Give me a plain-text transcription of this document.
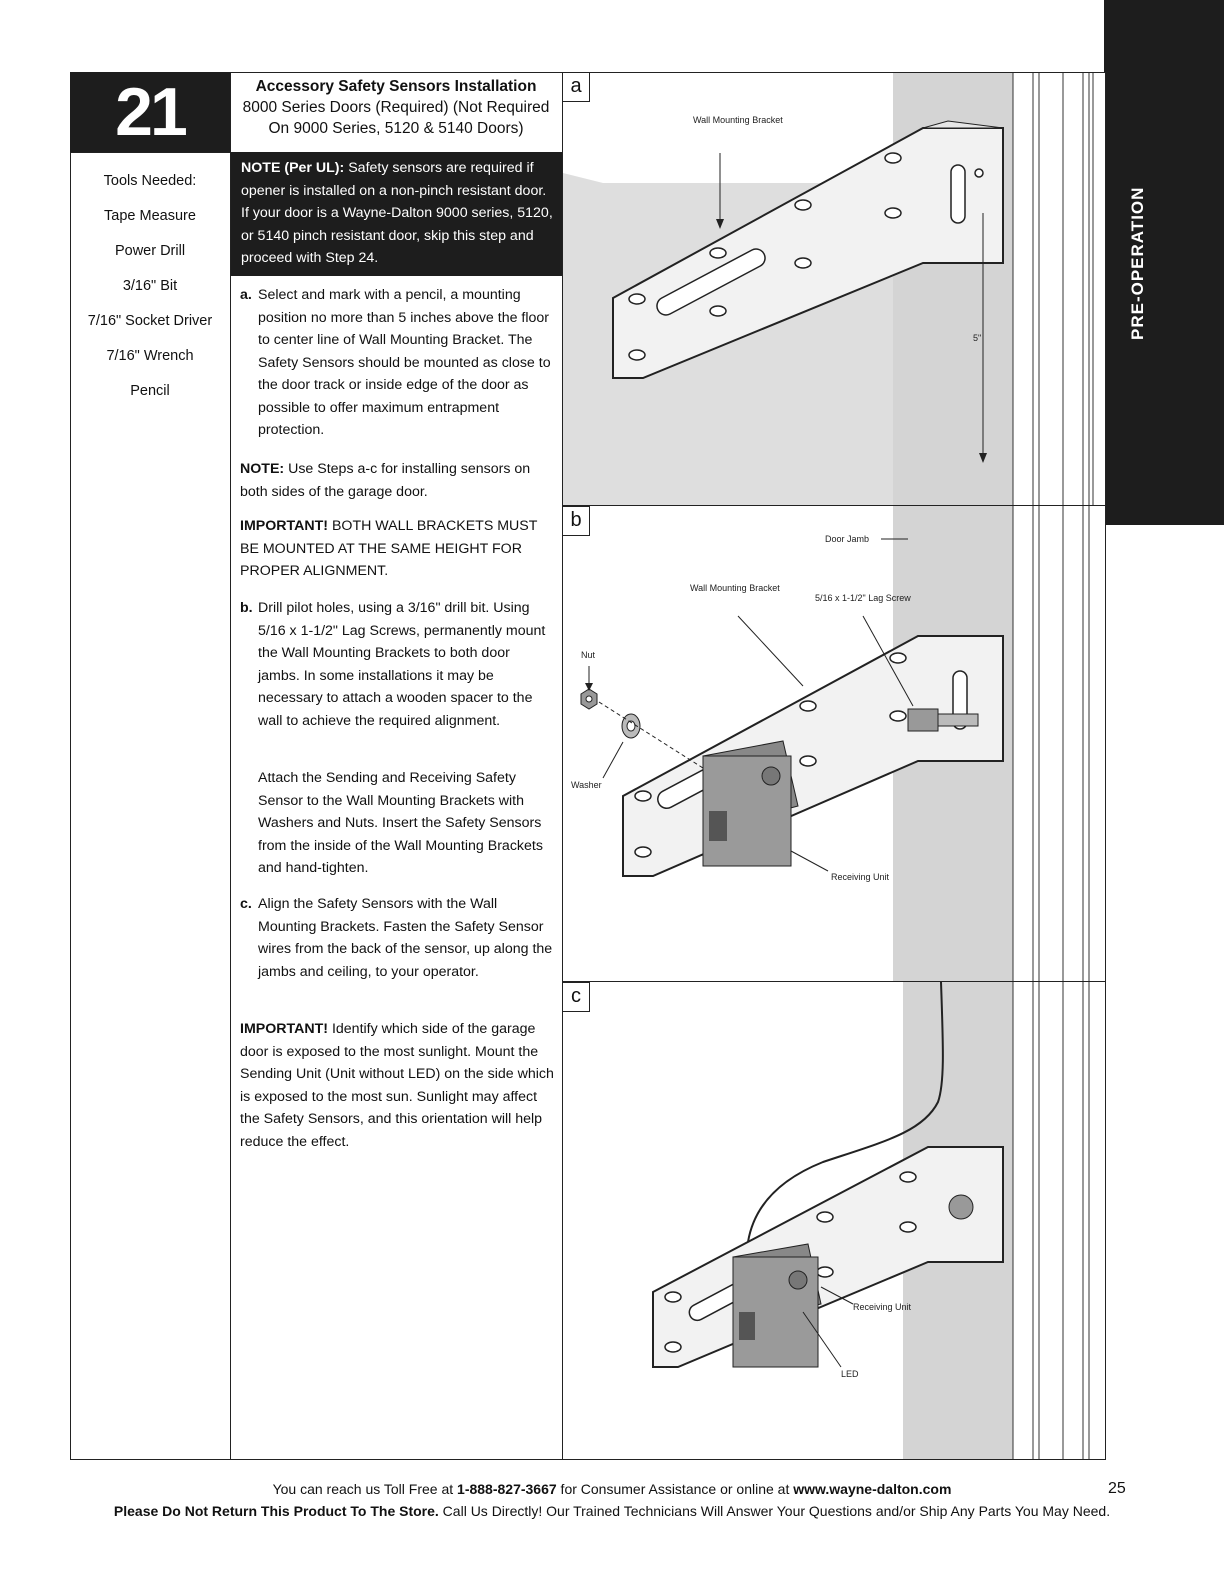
PRE-OPERATION
21
Tools Needed:
Tape Measure
Power Drill
3/16" Bit
7/16" Socket Driver
7/16" Wrench
Pencil
Accessory Safety Sensors Installation
8000 Series Doors (Required) (Not Required
On 9000 Series, 5120 & 5140 Doors)
NOTE (Per UL): Safety sensors are required if opener is installed on a non-pinch resistant door. If your door is a Wayne-Dalton 9000 series, 5120, or 5140 pinch resistant door, skip this step and proceed with Step 24.
a. Select and mark with a pencil, a mounting position no more than 5 inches above the floor to center line of Wall Mounting Bracket. The Safety Sensors should be mounted as close to the door track or inside edge of the door as possible to offer maximum entrapment protection.
NOTE: Use Steps a-c for installing sensors on both sides of the garage door.
IMPORTANT! BOTH WALL BRACKETS MUST BE MOUNTED AT THE SAME HEIGHT FOR PROPER ALIGNMENT.
b. Drill pilot holes, using a 3/16" drill bit. Using 5/16 x 1-1/2" Lag Screws, permanently mount the Wall Mounting Brackets to both door jambs. In some installations it may be necessary to attach a wooden spacer to the wall to achieve the required alignment.
Attach the Sending and Receiving Safety Sensor to the Wall Mounting Brackets with Washers and Nuts. Insert the Safety Sensors from the inside of the Wall Mounting Brackets and hand-tighten.
c. Align the Safety Sensors with the Wall Mounting Brackets. Fasten the Safety Sensor wires from the back of the sensor, up along the jambs and ceiling, to your operator.
IMPORTANT! Identify which side of the garage door is exposed to the most sunlight. Mount the Sending Unit (Unit without LED) on the side which is exposed to the most sun. Sunlight may affect the Safety Sensors, and this orientation will help reduce the effect.
Wall Mounting Bracket
5"
Door Jamb
Wall Mounting Bracket
5/16 x 1-1/2" Lag Screw
Nut
Washer
Receiving Unit
Receiving Unit
LED
a
b
c
You can reach us Toll Free at 1-888-827-3667 for Consumer Assistance or online at www.wayne-dalton.com
Please Do Not Return This Product To The Store. Call Us Directly! Our Trained Technicians Will Answer Your Questions and/or Ship Any Parts You May Need.
25
